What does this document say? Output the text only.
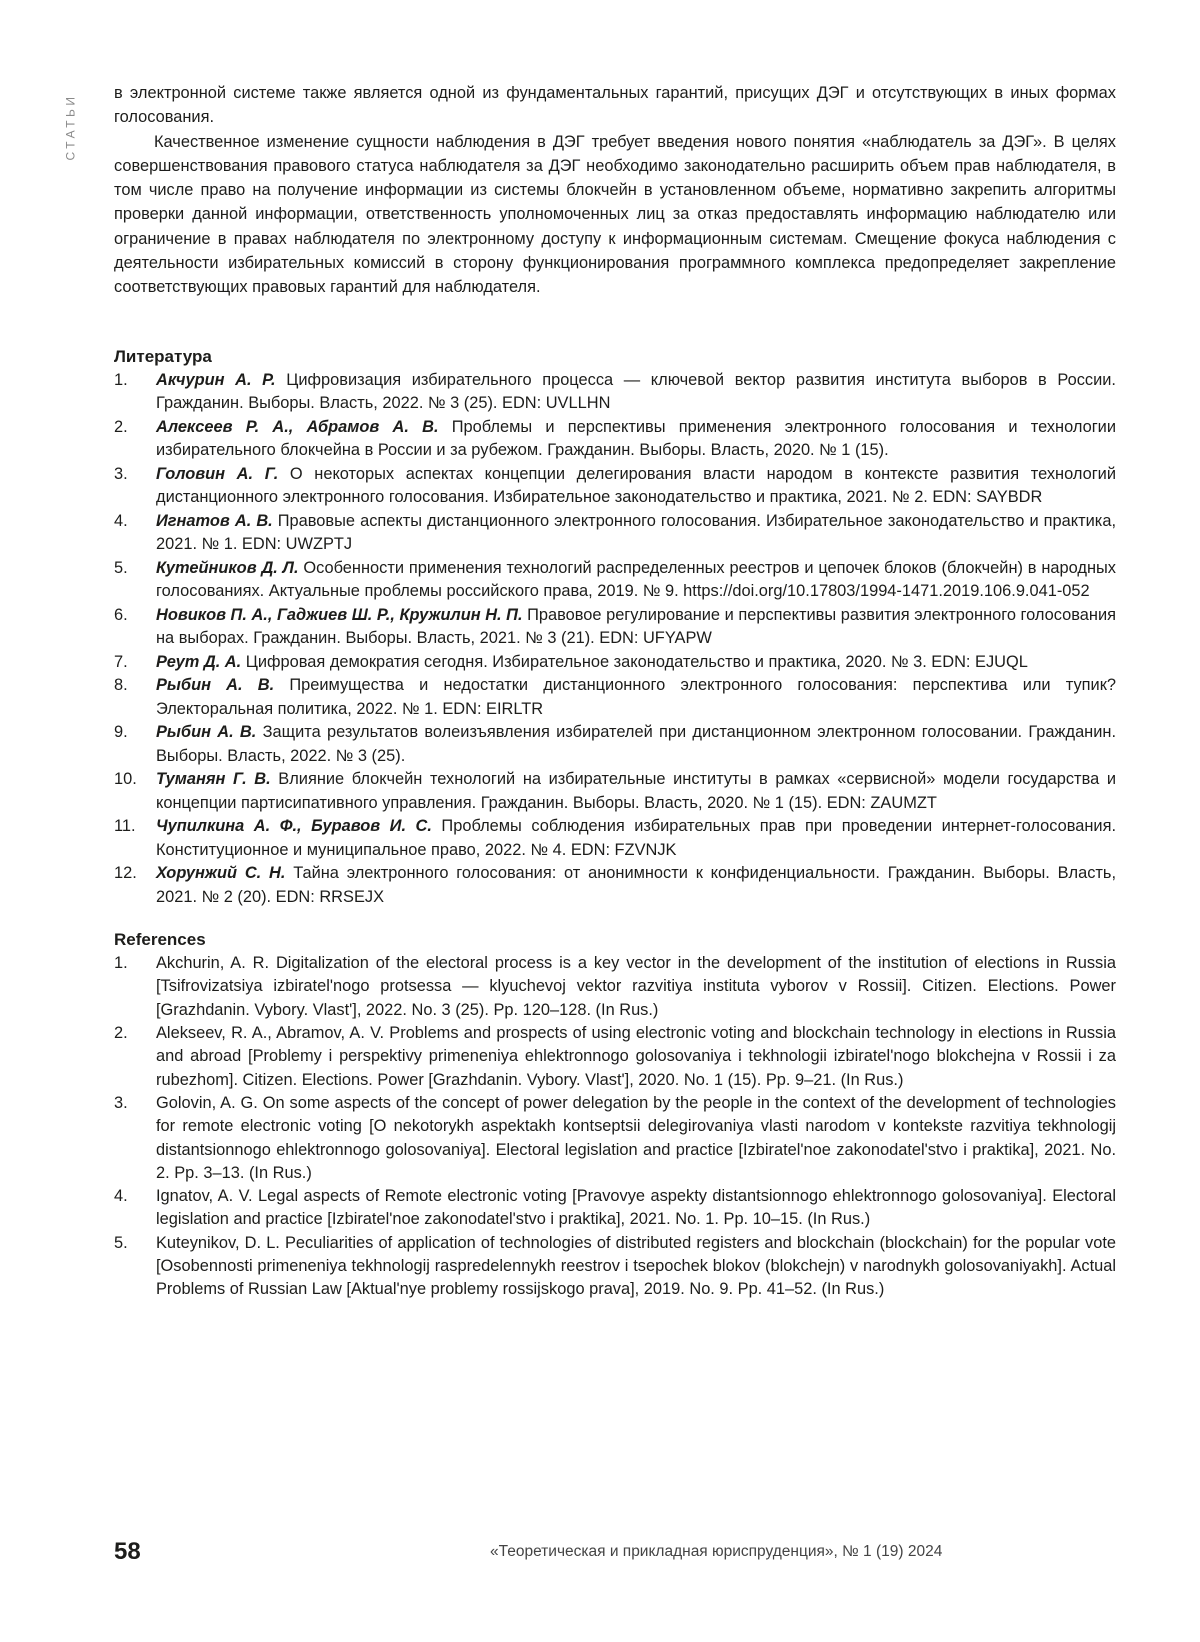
СТАТЬИ

в электронной системе также является одной из фундаментальных гарантий, присущих ДЭГ и отсутствующих в иных формах голосования.

Качественное изменение сущности наблюдения в ДЭГ требует введения нового понятия «наблюдатель за ДЭГ». В целях совершенствования правового статуса наблюдателя за ДЭГ необходимо законодательно расширить объем прав наблюдателя, в том числе право на получение информации из системы блокчейн в установленном объеме, нормативно закрепить алгоритмы проверки данной информации, ответственность уполномоченных лиц за отказ предоставлять информацию наблюдателю или ограничение в правах наблюдателя по электронному доступу к информационным системам. Смещение фокуса наблюдения с деятельности избирательных комиссий в сторону функционирования программного комплекса предопределяет закрепление соответствующих правовых гарантий для наблюдателя.

Литература
1. Акчурин А. Р. Цифровизация избирательного процесса — ключевой вектор развития института выборов в России. Гражданин. Выборы. Власть, 2022. № 3 (25). EDN: UVLLHN
2. Алексеев Р. А., Абрамов А. В. Проблемы и перспективы применения электронного голосования и технологии избирательного блокчейна в России и за рубежом. Гражданин. Выборы. Власть, 2020. № 1 (15).
3. Головин А. Г. О некоторых аспектах концепции делегирования власти народом в контексте развития технологий дистанционного электронного голосования. Избирательное законодательство и практика, 2021. № 2. EDN: SAYBDR
4. Игнатов А. В. Правовые аспекты дистанционного электронного голосования. Избирательное законодательство и практика, 2021. № 1. EDN: UWZPTJ
5. Кутейников Д. Л. Особенности применения технологий распределенных реестров и цепочек блоков (блокчейн) в народных голосованиях. Актуальные проблемы российского права, 2019. № 9. https://doi.org/10.17803/1994-1471.2019.106.9.041-052
6. Новиков П. А., Гаджиев Ш. Р., Кружилин Н. П. Правовое регулирование и перспективы развития электронного голосования на выборах. Гражданин. Выборы. Власть, 2021. № 3 (21). EDN: UFYAPW
7. Реут Д. А. Цифровая демократия сегодня. Избирательное законодательство и практика, 2020. № 3. EDN: EJUQL
8. Рыбин А. В. Преимущества и недостатки дистанционного электронного голосования: перспектива или тупик? Электоральная политика, 2022. № 1. EDN: EIRLTR
9. Рыбин А. В. Защита результатов волеизъявления избирателей при дистанционном электронном голосовании. Гражданин. Выборы. Власть, 2022. № 3 (25).
10. Туманян Г. В. Влияние блокчейн технологий на избирательные институты в рамках «сервисной» модели государства и концепции партисипативного управления. Гражданин. Выборы. Власть, 2020. № 1 (15). EDN: ZAUMZT
11. Чупилкина А. Ф., Буравов И. С. Проблемы соблюдения избирательных прав при проведении интернет-голосования. Конституционное и муниципальное право, 2022. № 4. EDN: FZVNJK
12. Хорунжий С. Н. Тайна электронного голосования: от анонимности к конфиденциальности. Гражданин. Выборы. Власть, 2021. № 2 (20). EDN: RRSEJX
References
1. Akchurin, A. R. Digitalization of the electoral process is a key vector in the development of the institution of elections in Russia [Tsifrovizatsiya izbiratel'nogo protsessa — klyuchevoj vektor razvitiya instituta vyborov v Rossii]. Citizen. Elections. Power [Grazhdanin. Vybory. Vlast'], 2022. No. 3 (25). Pp. 120–128. (In Rus.)
2. Alekseev, R. A., Abramov, A. V. Problems and prospects of using electronic voting and blockchain technology in elections in Russia and abroad [Problemy i perspektivy primeneniya ehlektronnogo golosovaniya i tekhnologii izbiratel'nogo blokchejna v Rossii i za rubezhom]. Citizen. Elections. Power [Grazhdanin. Vybory. Vlast'], 2020. No. 1 (15). Pp. 9–21. (In Rus.)
3. Golovin, A. G. On some aspects of the concept of power delegation by the people in the context of the development of technologies for remote electronic voting [O nekotorykh aspektakh kontseptsii delegirovaniya vlasti narodom v kontekste razvitiya tekhnologij distantsionnogo ehlektronnogo golosovaniya]. Electoral legislation and practice [Izbiratel'noe zakonodatel'stvo i praktika], 2021. No. 2. Pp. 3–13. (In Rus.)
4. Ignatov, A. V. Legal aspects of Remote electronic voting [Pravovye aspekty distantsionnogo ehlektronnogo golosovaniya]. Electoral legislation and practice [Izbiratel'noe zakonodatel'stvo i praktika], 2021. No. 1. Pp. 10–15. (In Rus.)
5. Kuteynikov, D. L. Peculiarities of application of technologies of distributed registers and blockchain (blockchain) for the popular vote [Osobennosti primeneniya tekhnologij raspredelennykh reestrov i tsepochek blokov (blokchejn) v narodnykh golosovaniyakh]. Actual Problems of Russian Law [Aktual'nye problemy rossijskogo prava], 2019. No. 9. Pp. 41–52. (In Rus.)
58	«Теоретическая и прикладная юриспруденция», № 1 (19) 2024
